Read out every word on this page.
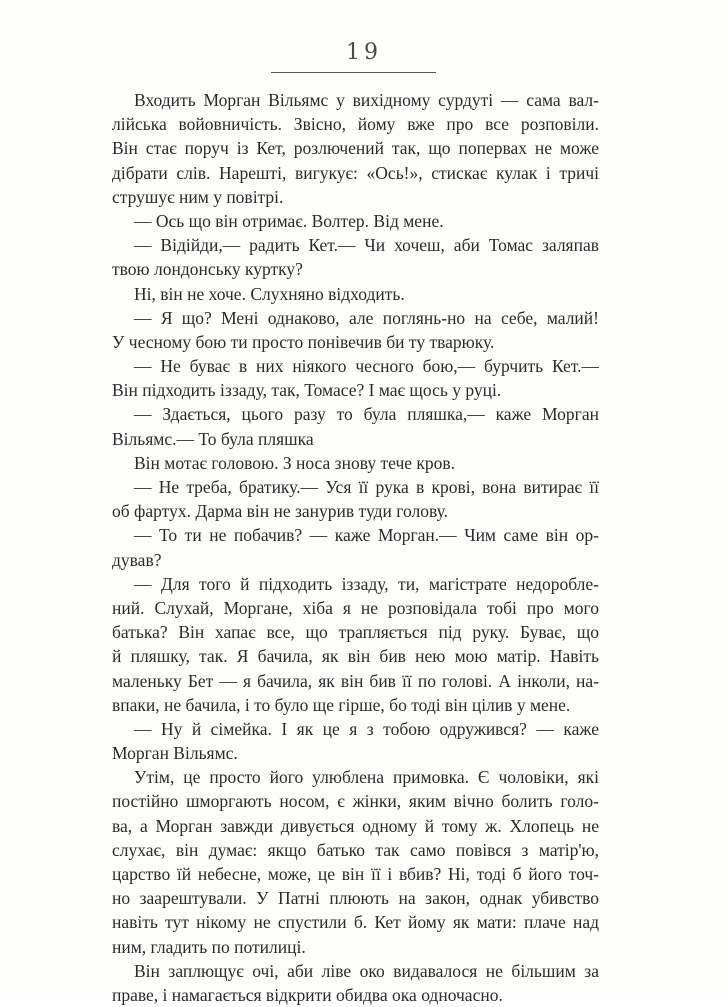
19
Входить Морган Вільямс у вихідному сурдуті — сама вал-
лійська войовничість. Звісно, йому вже про все розповіли.
Він стає поруч із Кет, розлючений так, що поперваx не може
дібрати слів. Нарешті, вигукує: «Ось!», стискає кулак і тричі
струшує ним у повітрі.
— Ось що він отримає. Волтер. Від мене.
— Відійди,— радить Кет.— Чи хочеш, аби Томас заляпав
твою лондонську куртку?
Ні, він не хоче. Слухняно відходить.
— Я що? Мені однаково, але поглянь-но на себе, малий!
У чесному бою ти просто понівечив би ту тварюку.
— Не буває в них ніякого чесного бою,— бурчить Кет.—
Він підходить іззаду, так, Томасе? І має щось у руці.
— Здається, цього разу то була пляшка,— каже Морган
Вільямс.— То була пляшка
Він мотає головою. З носа знову тече кров.
— Не треба, братику.— Уся її рука в крові, вона витирає її
об фартух. Дарма він не занурив туди голову.
— То ти не побачив? — каже Морган.— Чим саме він ор-
дував?
— Для того й підходить іззаду, ти, магістрате недороблe-
ний. Слухай, Моргане, хіба я не розповідала тобі про мого
батька? Він хапає все, що трапляється під руку. Буває, що
й пляшку, так. Я бачила, як він бив нею мою матір. Навіть
маленьку Бет — я бачила, як він бив її по голові. А інколи, на-
впаки, не бачила, і то було ще гірше, бо тоді він цілив у мене.
— Ну й сімейка. І як це я з тобою одружився? — каже
Морган Вільямс.
Утім, це просто його улюблена примовка. Є чоловіки, які
постійно шморгають носом, є жінки, яким вічно болить голо-
ва, а Морган завжди дивується одному й тому ж. Хлопець не
слухає, він думає: якщо батько так само повівся з матір'ю,
царство їй небесне, може, це він її і вбив? Ні, тоді б його точ-
но заарештували. У Патні плюють на закон, однак убивство
навіть тут нікому не спустили б. Кет йому як мати: плаче над
ним, гладить по потилиці.
Він заплющує очі, аби ліве око видавалося не більшим за
праве, і намагається відкрити обидва ока одночасно.
